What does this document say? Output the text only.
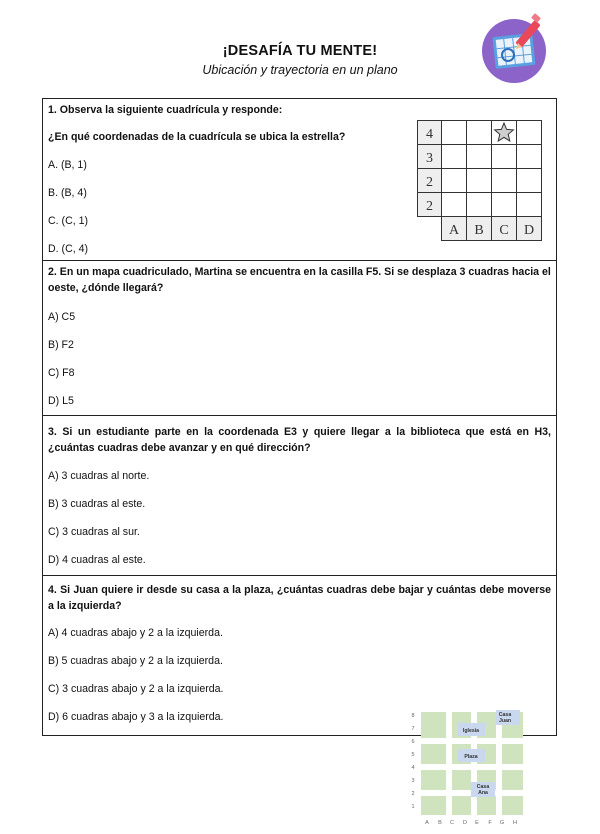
¡DESAFÍA TU MENTE!
Ubicación y trayectoria en un plano
1. Observa la siguiente cuadrícula y responde:
¿En qué coordenadas de la cuadrícula se ubica la estrella?
A. (B, 1)
B. (B, 4)
C. (C, 1)
D. (C, 4)
4
3
2
2
A B C D
2. En un mapa cuadriculado, Martina se encuentra en la casilla F5. Si se desplaza 3 cuadras hacia el oeste, ¿dónde llegará?
A) C5
B) F2
C) F8
D) L5
3. Si un estudiante parte en la coordenada E3 y quiere llegar a la biblioteca que está en H3, ¿cuántas cuadras debe avanzar y en qué dirección?
A) 3 cuadras al norte.
B) 3 cuadras al este.
C) 3 cuadras al sur.
D) 4 cuadras al este.
4. Si Juan quiere ir desde su casa a la plaza, ¿cuántas cuadras debe bajar y cuántas debe moverse a la izquierda?
A) 4 cuadras abajo y 2 a la izquierda.
B) 5 cuadras abajo y 2 a la izquierda.
C) 3 cuadras abajo y 2 a la izquierda.
D) 6 cuadras abajo y 3 a la izquierda.	Casa
Juan
Iglesia
Plaza
Casa
Ana
8
7
6
5
4
3
2
1
A B C D E F G H
